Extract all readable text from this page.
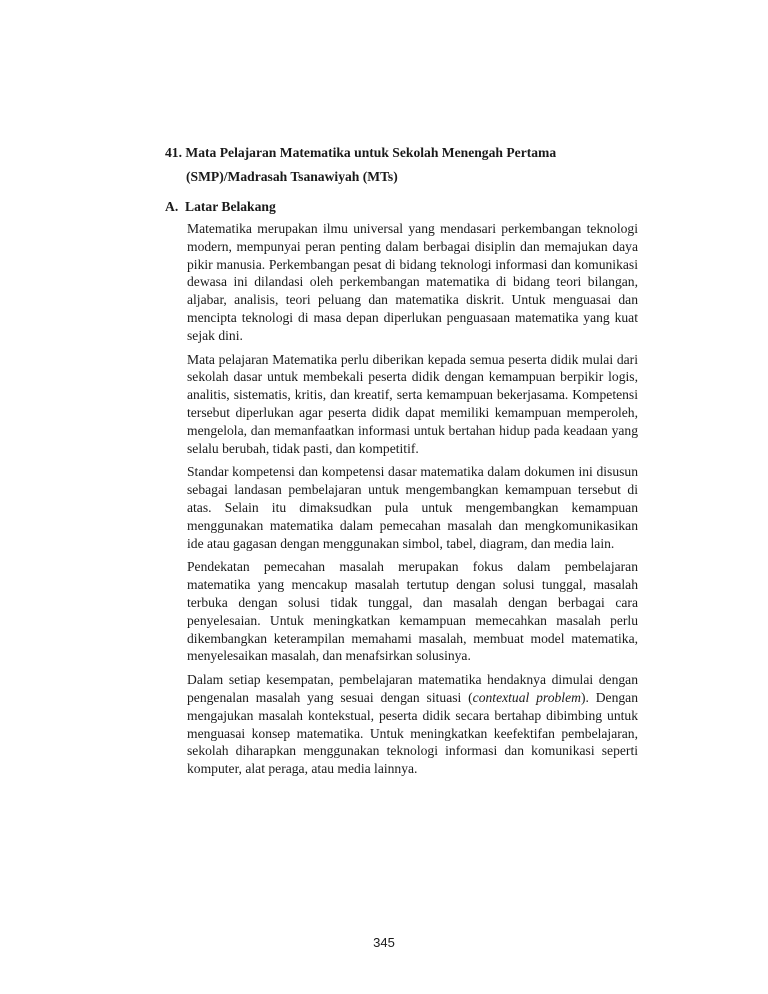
41. Mata Pelajaran Matematika untuk Sekolah Menengah Pertama
(SMP)/Madrasah Tsanawiyah (MTs)
A.  Latar Belakang

Matematika merupakan ilmu universal yang mendasari perkembangan teknologi modern, mempunyai peran penting dalam berbagai disiplin dan memajukan daya pikir manusia. Perkembangan pesat di bidang teknologi informasi dan komunikasi dewasa ini dilandasi oleh perkembangan matematika di bidang teori bilangan, aljabar, analisis, teori peluang dan matematika diskrit. Untuk menguasai dan mencipta teknologi di masa depan diperlukan penguasaan matematika yang kuat sejak dini.

Mata pelajaran Matematika perlu diberikan kepada semua peserta didik mulai dari sekolah dasar untuk membekali peserta didik dengan kemampuan berpikir logis, analitis, sistematis, kritis, dan kreatif, serta kemampuan bekerjasama. Kompetensi tersebut diperlukan agar peserta didik dapat memiliki kemampuan memperoleh, mengelola, dan memanfaatkan informasi untuk bertahan hidup pada keadaan yang selalu berubah, tidak pasti, dan kompetitif.

Standar kompetensi dan kompetensi dasar matematika dalam dokumen ini disusun sebagai landasan pembelajaran untuk mengembangkan kemampuan tersebut di atas. Selain itu dimaksudkan pula untuk mengembangkan kemampuan menggunakan matematika dalam pemecahan masalah dan mengkomunikasikan ide atau gagasan dengan menggunakan simbol, tabel, diagram, dan media lain.

Pendekatan pemecahan masalah merupakan fokus dalam pembelajaran matematika yang mencakup masalah tertutup dengan solusi tunggal, masalah terbuka dengan solusi tidak tunggal, dan masalah dengan berbagai cara penyelesaian. Untuk meningkatkan kemampuan memecahkan masalah perlu dikembangkan keterampilan memahami masalah, membuat model matematika, menyelesaikan masalah, dan menafsirkan solusinya.

Dalam setiap kesempatan, pembelajaran matematika hendaknya dimulai dengan pengenalan masalah yang sesuai dengan situasi (contextual problem). Dengan mengajukan masalah kontekstual, peserta didik secara bertahap dibimbing untuk menguasai konsep matematika. Untuk meningkatkan keefektifan pembelajaran, sekolah diharapkan menggunakan teknologi informasi dan komunikasi seperti komputer, alat peraga, atau media lainnya.

345
